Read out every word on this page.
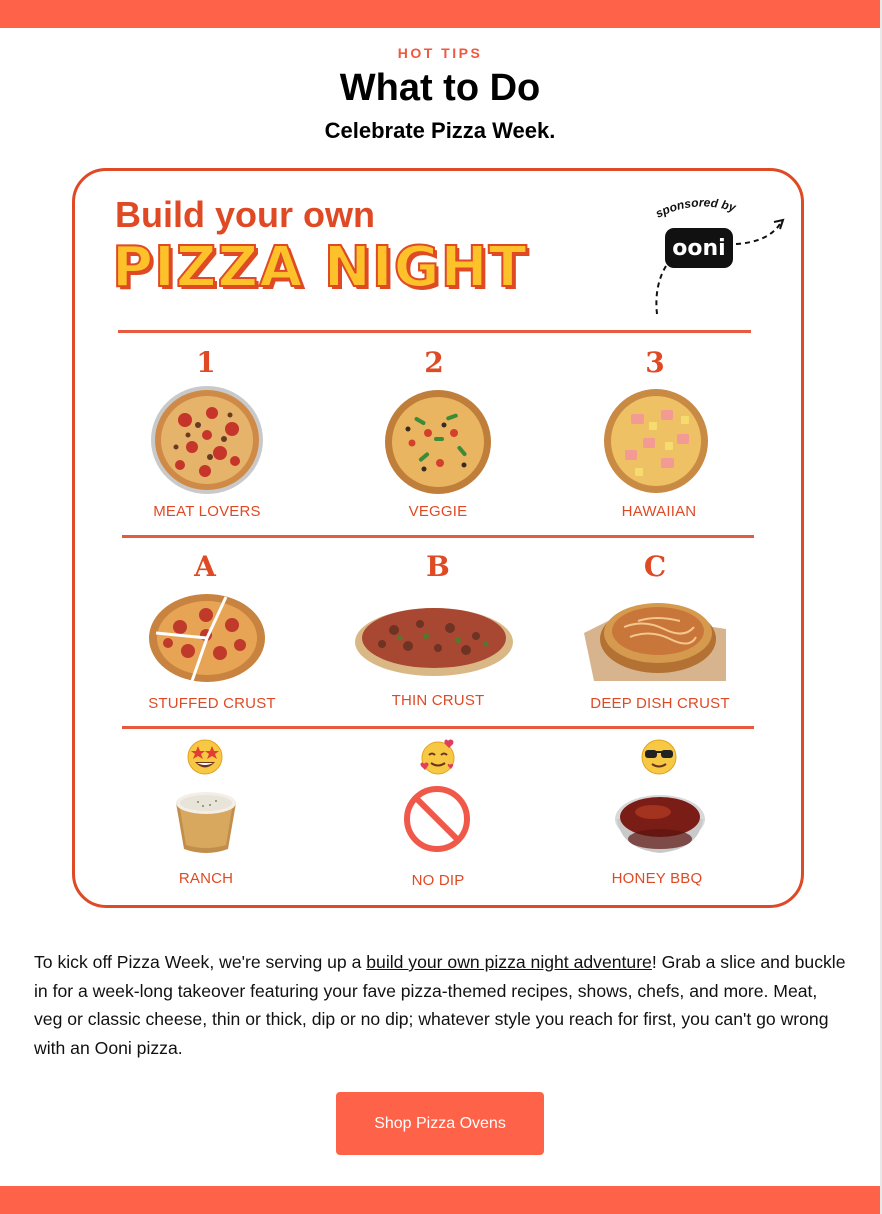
HOT TIPS
What to Do
Celebrate Pizza Week.
Build your own
PIZZA NIGHT
sponsored by
ooni
1	2	3
MEAT LOVERS	VEGGIE	HAWAIIAN
A	B	C
STUFFED CRUST	THIN CRUST	DEEP DISH CRUST
RANCH	NO DIP	HONEY BBQ

To kick off Pizza Week, we're serving up a build your own pizza night adventure! Grab a slice and buckle in for a week-long takeover featuring your fave pizza-themed recipes, shows, chefs, and more. Meat, veg or classic cheese, thin or thick, dip or no dip; whatever style you reach for first, you can't go wrong with an Ooni pizza.

Shop Pizza Ovens
